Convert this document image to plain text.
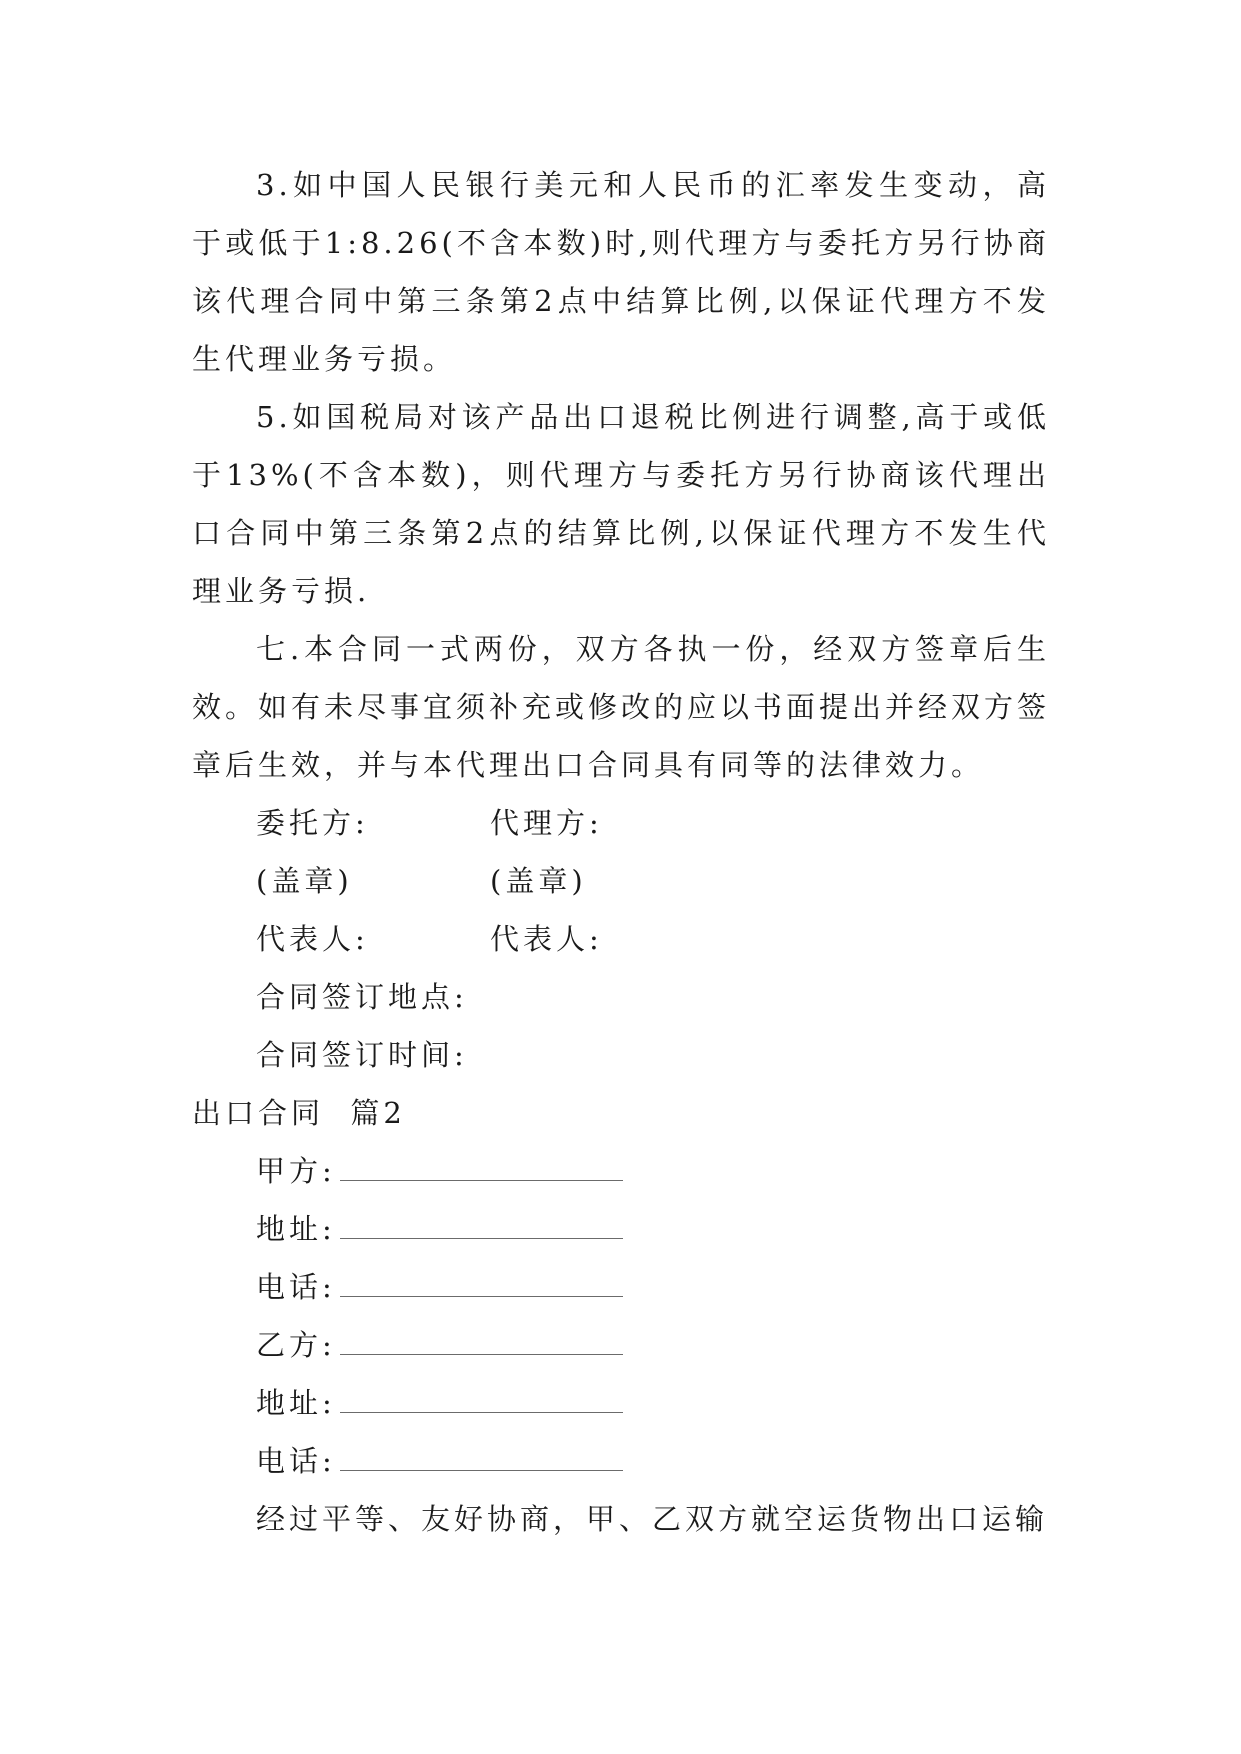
3.如中国人民银行美元和人民币的汇率发生变动，高于或低于1:8.26(不含本数)时,则代理方与委托方另行协商该代理合同中第三条第2点中结算比例,以保证代理方不发生代理业务亏损。

5.如国税局对该产品出口退税比例进行调整,高于或低于13%(不含本数)，则代理方与委托方另行协商该代理出口合同中第三条第2点的结算比例,以保证代理方不发生代理业务亏损.

七.本合同一式两份，双方各执一份，经双方签章后生效。如有未尽事宜须补充或修改的应以书面提出并经双方签章后生效，并与本代理出口合同具有同等的法律效力。

委托方:	代理方:
(盖章)	(盖章)
代表人:	代表人:
合同签订地点:
合同签订时间:
出口合同  篇2
甲方:
地址:
电话:
乙方:
地址:
电话:

经过平等、友好协商，甲、乙双方就空运货物出口运输
